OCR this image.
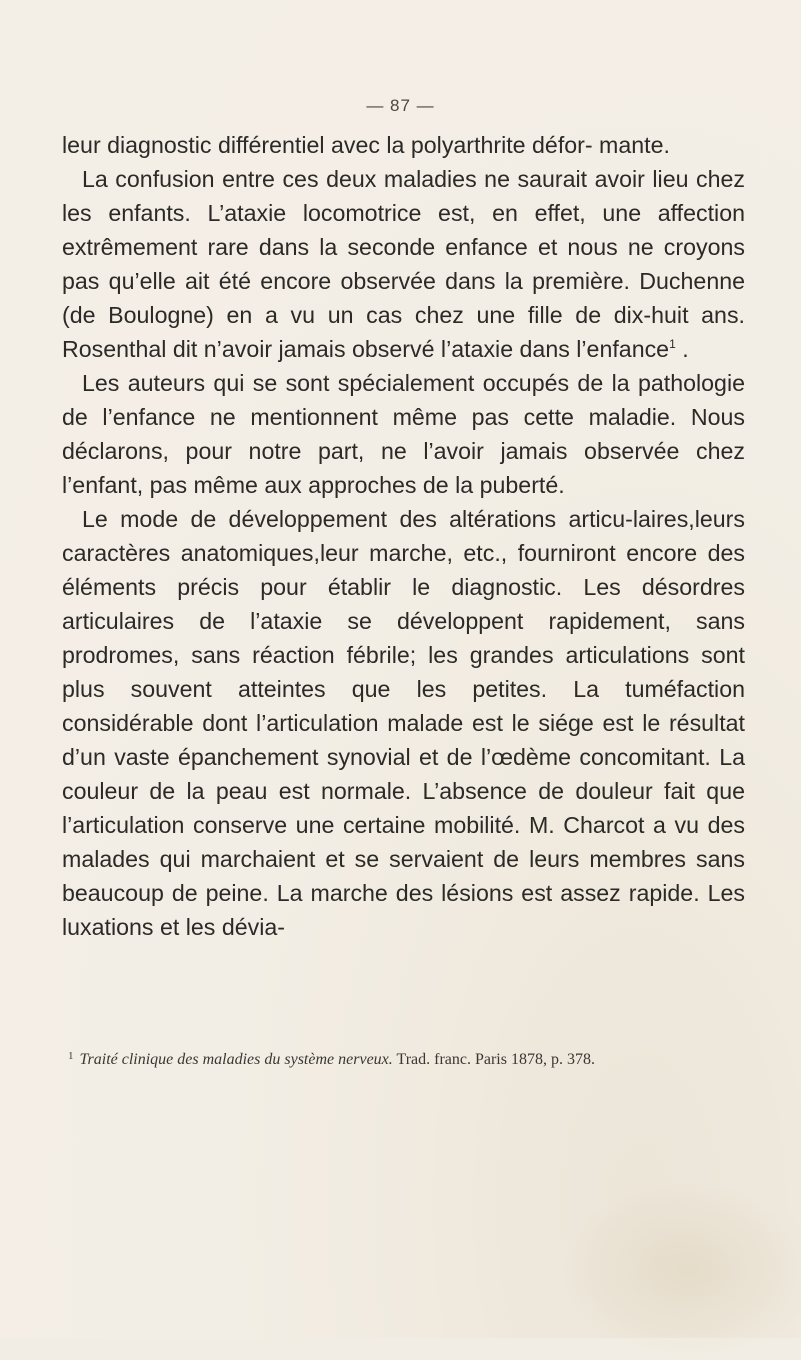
— 87 —

leur diagnostic différentiel avec la polyarthrite défor- mante.

La confusion entre ces deux maladies ne saurait avoir lieu chez les enfants. L’ataxie locomotrice est, en effet, une affection extrêmement rare dans la seconde enfance et nous ne croyons pas qu’elle ait été encore observée dans la première. Duchenne (de Boulogne) en a vu un cas chez une fille de dix-huit ans. Rosenthal dit n’avoir jamais observé l’ataxie dans l’enfance$^1$ .

Les auteurs qui se sont spécialement occupés de la pathologie de l’enfance ne mentionnent même pas cette maladie. Nous déclarons, pour notre part, ne l’avoir jamais observée chez l’enfant, pas même aux approches de la puberté.

Le mode de développement des altérations articu-laires,leurs caractères anatomiques,leur marche, etc., fourniront encore des éléments précis pour établir le diagnostic. Les désordres articulaires de l’ataxie se développent rapidement, sans prodromes, sans réaction fébrile; les grandes articulations sont plus souvent atteintes que les petites. La tuméfaction considérable dont l’articulation malade est le siége est le résultat d’un vaste épanchement synovial et de l’œdème concomitant. La couleur de la peau est normale. L’absence de douleur fait que l’articulation conserve une certaine mobilité. M. Charcot a vu des malades qui marchaient et se servaient de leurs membres sans beaucoup de peine. La marche des lésions est assez rapide. Les luxations et les dévia-

$^1$ Traité clinique des maladies du système nerveux. Trad. franc. Paris 1878, p. 378.
